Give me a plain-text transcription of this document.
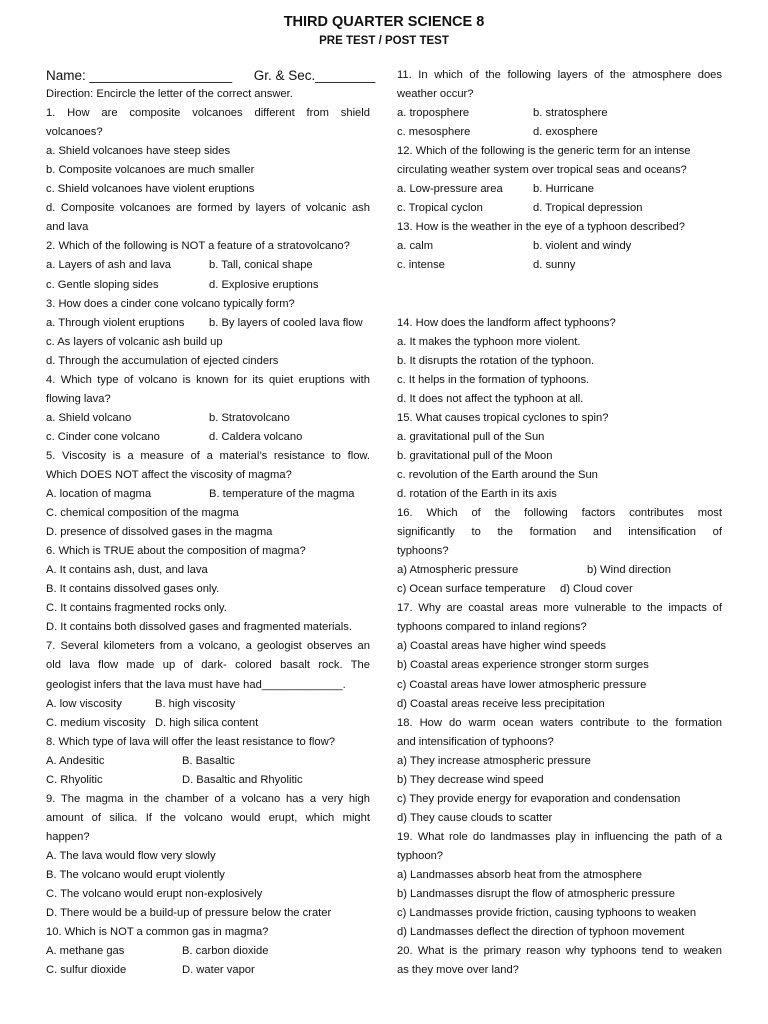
THIRD QUARTER SCIENCE 8
PRE TEST / POST TEST
Name: ___________________ Gr. & Sec.________
Direction: Encircle the letter of the correct answer.
1. How are composite volcanoes different from shield
volcanoes?
a. Shield volcanoes have steep sides
b. Composite volcanoes are much smaller
c. Shield volcanoes have violent eruptions
d. Composite volcanoes are formed by layers of volcanic ash
and lava
2. Which of the following is NOT a feature of a stratovolcano?
a. Layers of ash and lava	b. Tall, conical shape
c. Gentle sloping sides	d. Explosive eruptions
3. How does a cinder cone volcano typically form?
a. Through violent eruptions	b. By layers of cooled lava flow
c. As layers of volcanic ash build up
d. Through the accumulation of ejected cinders
4. Which type of volcano is known for its quiet eruptions with
flowing lava?
a. Shield volcano	b. Stratovolcano
c. Cinder cone volcano	d. Caldera volcano
5. Viscosity is a measure of a material’s resistance to flow.
Which DOES NOT affect the viscosity of magma?
A. location of magma	B. temperature of the magma
C. chemical composition of the magma
D. presence of dissolved gases in the magma
6. Which is TRUE about the composition of magma?
A. It contains ash, dust, and lava
B. It contains dissolved gases only.
C. It contains fragmented rocks only.
D. It contains both dissolved gases and fragmented materials.
7. Several kilometers from a volcano, a geologist observes an
old lava flow made up of dark- colored basalt rock. The
geologist infers that the lava must have had_____________.
A. low viscosity	B. high viscosity
C. medium viscosity D. high silica content
8. Which type of lava will offer the least resistance to flow?
A. Andesitic	B. Basaltic
C. Rhyolitic	D. Basaltic and Rhyolitic
9. The magma in the chamber of a volcano has a very high
amount of silica. If the volcano would erupt, which might
happen?
A. The lava would flow very slowly
B. The volcano would erupt violently
C. The volcano would erupt non-explosively
D. There would be a build-up of pressure below the crater
10. Which is NOT a common gas in magma?
A. methane gas	B. carbon dioxide
C. sulfur dioxide	D. water vapor
11. In which of the following layers of the atmosphere does
weather occur?
a. troposphere	b. stratosphere
c. mesosphere	d. exosphere
12. Which of the following is the generic term for an intense
circulating weather system over tropical seas and oceans?
a. Low-pressure area	b. Hurricane
c. Tropical cyclon	d. Tropical depression
13. How is the weather in the eye of a typhoon described?
a. calm	b. violent and windy
c. intense	d. sunny
14. How does the landform affect typhoons?
a. It makes the typhoon more violent.
b. It disrupts the rotation of the typhoon.
c. It helps in the formation of typhoons.
d. It does not affect the typhoon at all.
15. What causes tropical cyclones to spin?
a. gravitational pull of the Sun
b. gravitational pull of the Moon
c. revolution of the Earth around the Sun
d. rotation of the Earth in its axis
16. Which of the following factors contributes most
significantly to the formation and intensification of
typhoons?
a) Atmospheric pressure	b) Wind direction
c) Ocean surface temperature	d) Cloud cover
17. Why are coastal areas more vulnerable to the impacts of
typhoons compared to inland regions?
a) Coastal areas have higher wind speeds
b) Coastal areas experience stronger storm surges
c) Coastal areas have lower atmospheric pressure
d) Coastal areas receive less precipitation
18. How do warm ocean waters contribute to the formation
and intensification of typhoons?
a) They increase atmospheric pressure
b) They decrease wind speed
c) They provide energy for evaporation and condensation
d) They cause clouds to scatter
19. What role do landmasses play in influencing the path of a
typhoon?
a) Landmasses absorb heat from the atmosphere
b) Landmasses disrupt the flow of atmospheric pressure
c) Landmasses provide friction, causing typhoons to weaken
d) Landmasses deflect the direction of typhoon movement
20. What is the primary reason why typhoons tend to weaken
as they move over land?
